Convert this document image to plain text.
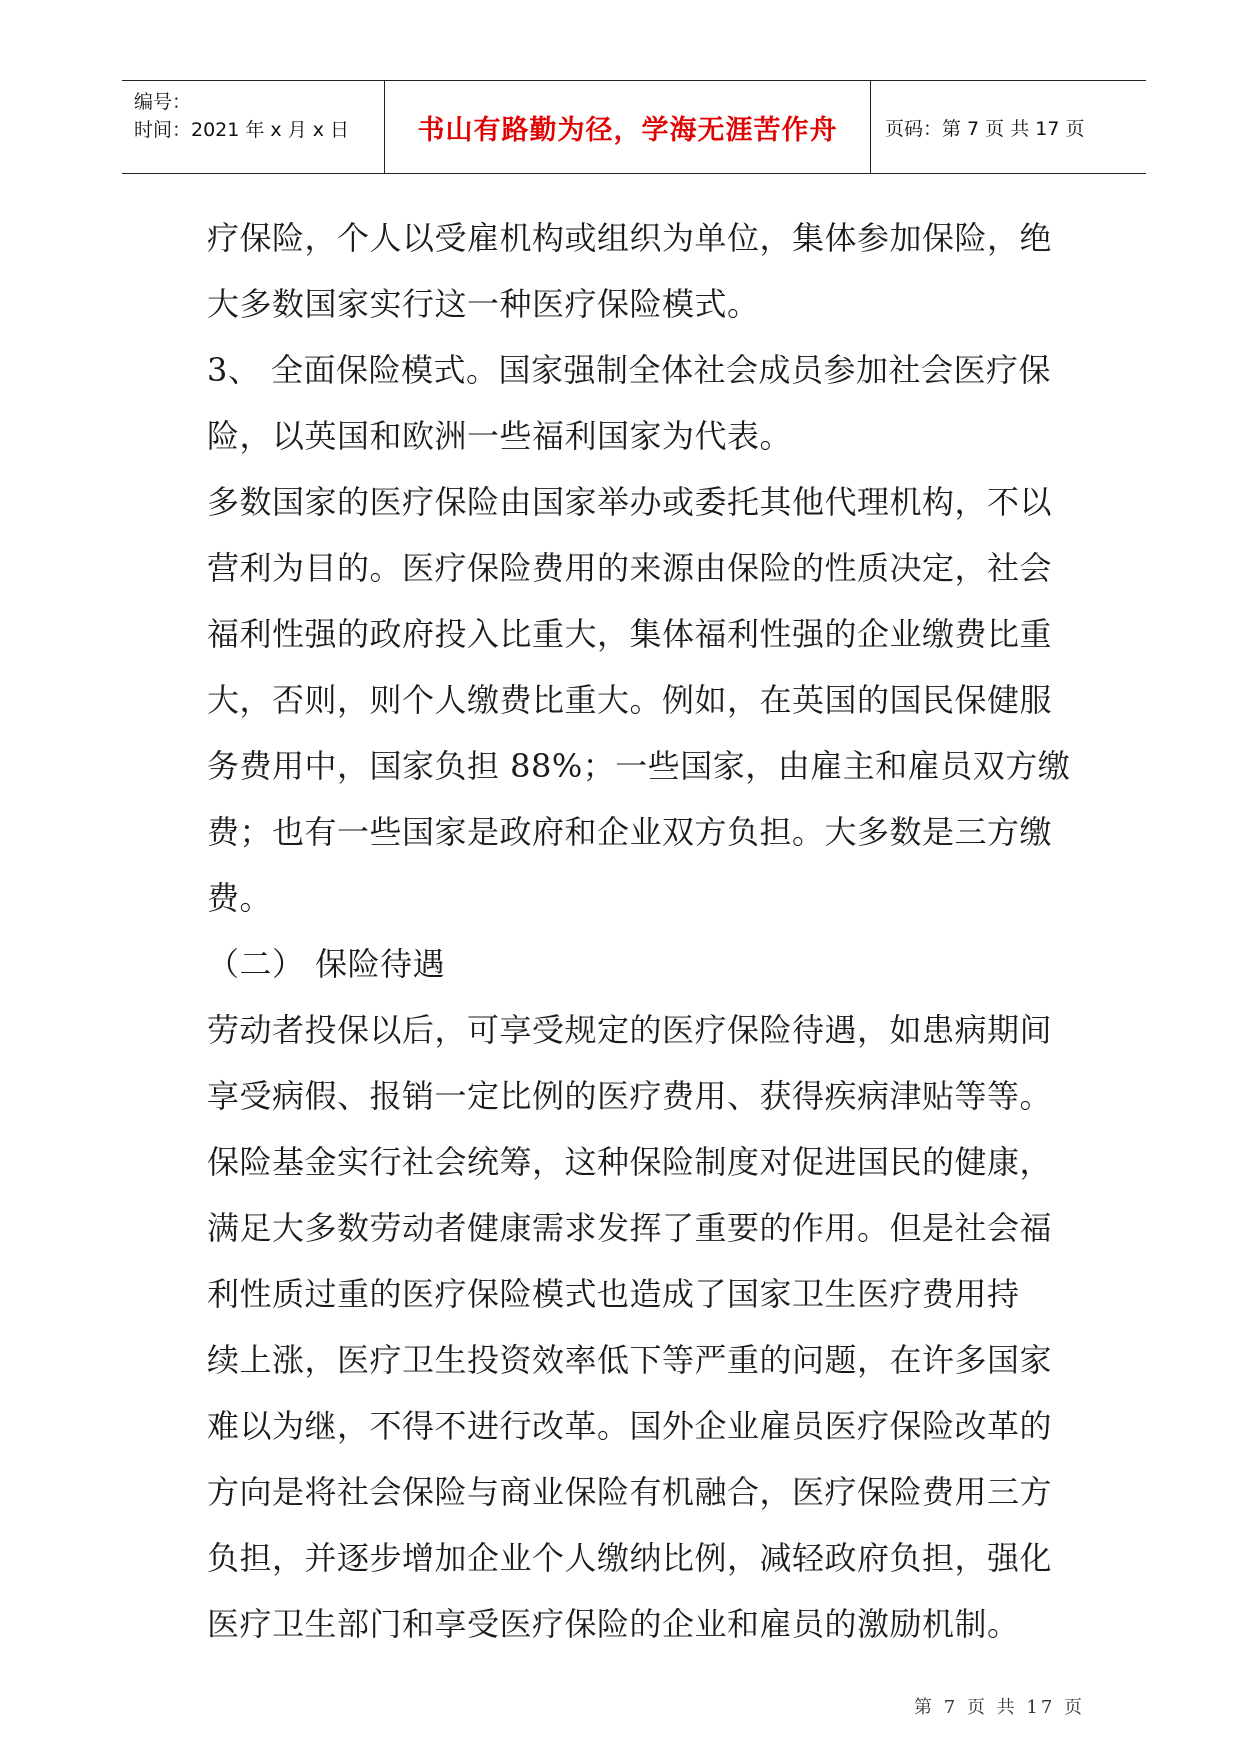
编号：
时间：2021 年 x 月 x 日	书山有路勤为径，学海无涯苦作舟	页码：第 7 页 共 17 页
疗保险，个人以受雇机构或组织为单位，集体参加保险，绝
大多数国家实行这一种医疗保险模式。
3、 全面保险模式。国家强制全体社会成员参加社会医疗保
险，以英国和欧洲一些福利国家为代表。
多数国家的医疗保险由国家举办或委托其他代理机构，不以
营利为目的。医疗保险费用的来源由保险的性质决定，社会
福利性强的政府投入比重大，集体福利性强的企业缴费比重
大，否则，则个人缴费比重大。例如，在英国的国民保健服
务费用中，国家负担 88%；一些国家，由雇主和雇员双方缴
费；也有一些国家是政府和企业双方负担。大多数是三方缴
费。
（二） 保险待遇
劳动者投保以后，可享受规定的医疗保险待遇，如患病期间
享受病假、报销一定比例的医疗费用、获得疾病津贴等等。
保险基金实行社会统筹，这种保险制度对促进国民的健康，
满足大多数劳动者健康需求发挥了重要的作用。但是社会福
利性质过重的医疗保险模式也造成了国家卫生医疗费用持
续上涨，医疗卫生投资效率低下等严重的问题，在许多国家
难以为继，不得不进行改革。国外企业雇员医疗保险改革的
方向是将社会保险与商业保险有机融合，医疗保险费用三方
负担，并逐步增加企业个人缴纳比例，减轻政府负担，强化
医疗卫生部门和享受医疗保险的企业和雇员的激励机制。
第 7 页 共 17 页
